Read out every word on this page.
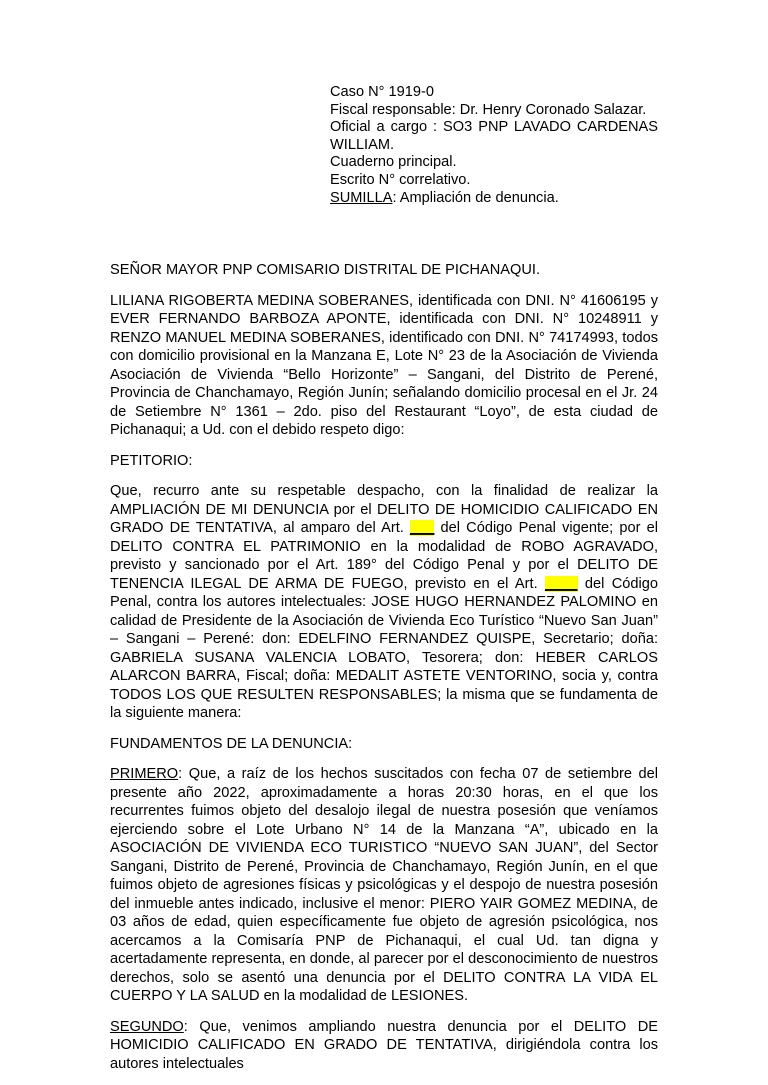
Caso N° 1919-0
Fiscal responsable: Dr. Henry Coronado Salazar.
Oficial a cargo : SO3 PNP LAVADO CARDENAS WILLIAM.
Cuaderno principal.
Escrito N° correlativo.
SUMILLA: Ampliación de denuncia.

SEÑOR MAYOR PNP COMISARIO DISTRITAL DE PICHANAQUI.

LILIANA RIGOBERTA MEDINA SOBERANES, identificada con DNI. N° 41606195 y EVER FERNANDO BARBOZA APONTE, identificada con DNI. N° 10248911 y RENZO MANUEL MEDINA SOBERANES, identificado con DNI. N° 74174993, todos con domicilio provisional en la Manzana E, Lote N° 23 de la Asociación de Vivienda Asociación de Vivienda “Bello Horizonte” – Sangani, del Distrito de Perené, Provincia de Chanchamayo, Región Junín; señalando domicilio procesal en el Jr. 24 de Setiembre N° 1361 – 2do. piso del Restaurant “Loyo”, de esta ciudad de Pichanaqui; a Ud. con el debido respeto digo:

PETITORIO:

Que, recurro ante su respetable despacho, con la finalidad de realizar la AMPLIACIÓN DE MI DENUNCIA por el DELITO DE HOMICIDIO CALIFICADO EN GRADO DE TENTATIVA, al amparo del Art. ___ del Código Penal vigente; por el DELITO CONTRA EL PATRIMONIO en la modalidad de ROBO AGRAVADO, previsto y sancionado por el Art. 189° del Código Penal y por el DELITO DE TENENCIA ILEGAL DE ARMA DE FUEGO, previsto en el Art. ____ del Código Penal, contra los autores intelectuales: JOSE HUGO HERNANDEZ PALOMINO en calidad de Presidente de la Asociación de Vivienda Eco Turístico “Nuevo San Juan” – Sangani – Perené: don: EDELFINO FERNANDEZ QUISPE, Secretario; doña: GABRIELA SUSANA VALENCIA LOBATO, Tesorera; don: HEBER CARLOS ALARCON BARRA, Fiscal; doña: MEDALIT ASTETE VENTORINO, socia y, contra TODOS LOS QUE RESULTEN RESPONSABLES; la misma que se fundamenta de la siguiente manera:

FUNDAMENTOS DE LA DENUNCIA:

PRIMERO: Que, a raíz de los hechos suscitados con fecha 07 de setiembre del presente año 2022, aproximadamente a horas 20:30 horas, en el que los recurrentes fuimos objeto del desalojo ilegal de nuestra posesión que veníamos ejerciendo sobre el Lote Urbano N° 14 de la Manzana “A”, ubicado en la ASOCIACIÓN DE VIVIENDA ECO TURISTICO “NUEVO SAN JUAN”, del Sector Sangani, Distrito de Perené, Provincia de Chanchamayo, Región Junín, en el que fuimos objeto de agresiones físicas y psicológicas y el despojo de nuestra posesión del inmueble antes indicado, inclusive el menor: PIERO YAIR GOMEZ MEDINA, de 03 años de edad, quien específicamente fue objeto de agresión psicológica, nos acercamos a la Comisaría PNP de Pichanaqui, el cual Ud. tan digna y acertadamente representa, en donde, al parecer por el desconocimiento de nuestros derechos, solo se asentó una denuncia por el DELITO CONTRA LA VIDA EL CUERPO Y LA SALUD en la modalidad de LESIONES.

SEGUNDO: Que, venimos ampliando nuestra denuncia por el DELITO DE HOMICIDIO CALIFICADO EN GRADO DE TENTATIVA, dirigiéndola contra los autores intelectuales
